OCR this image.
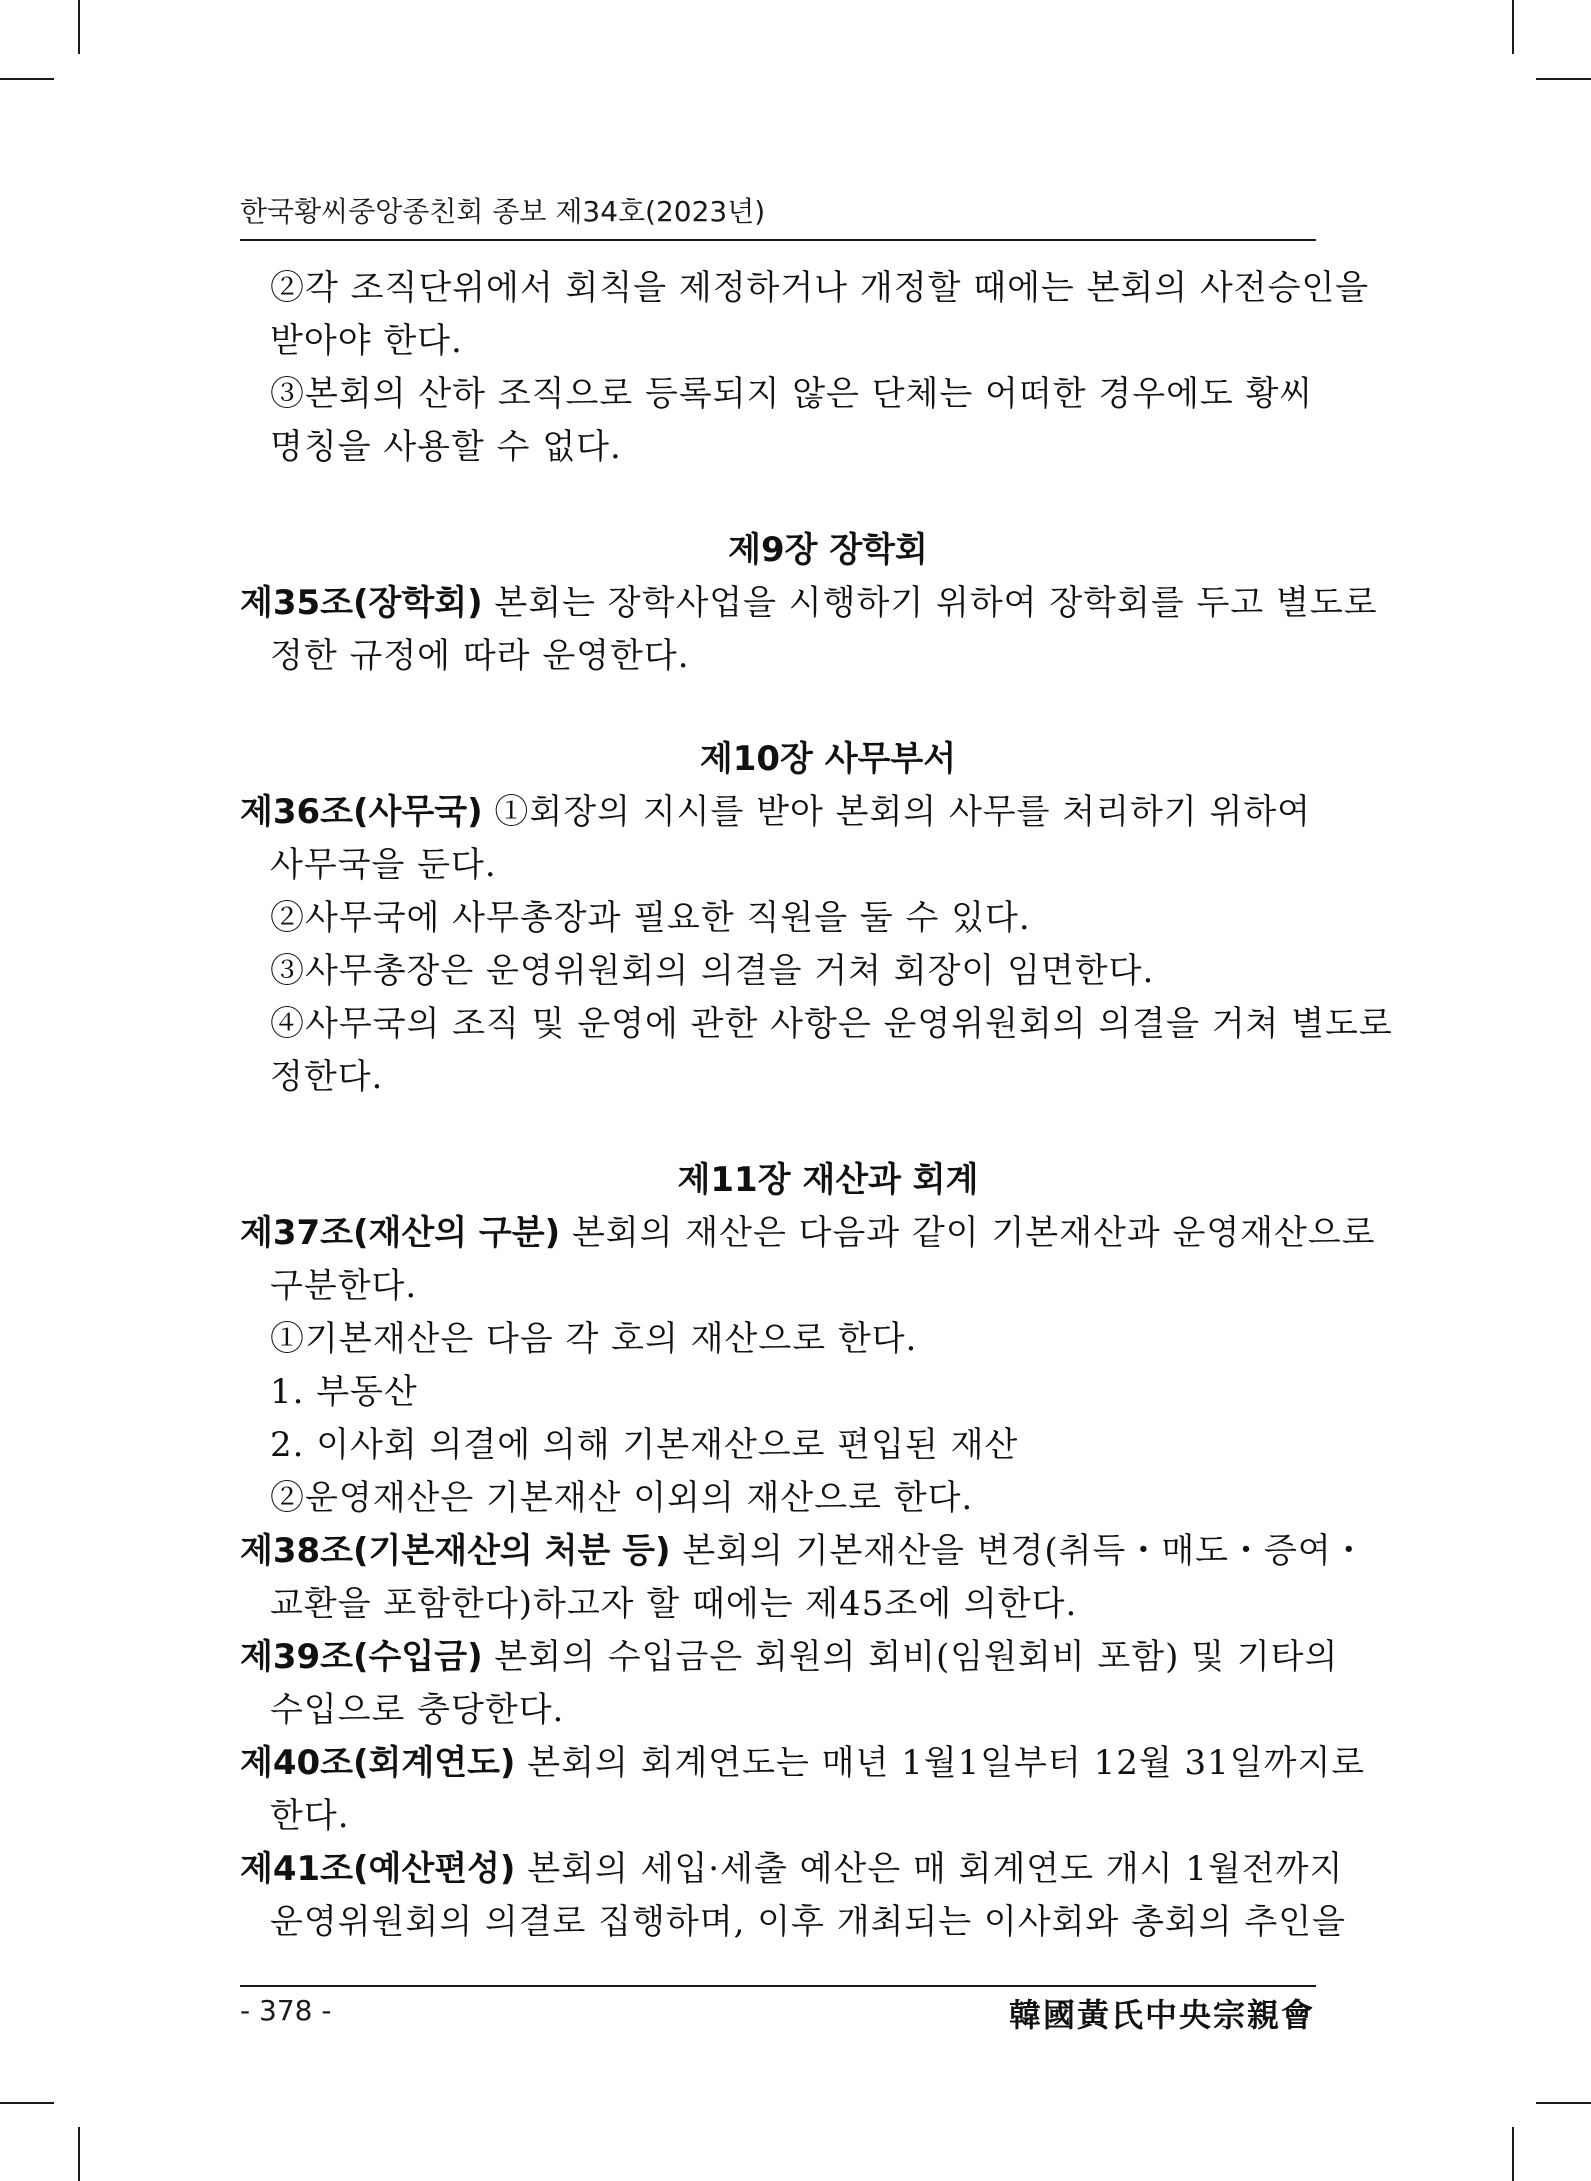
한국황씨중앙종친회 종보 제34호(2023년)
②각 조직단위에서 회칙을 제정하거나 개정할 때에는 본회의 사전승인을
받아야 한다.
③본회의 산하 조직으로 등록되지 않은 단체는 어떠한 경우에도 황씨
명칭을 사용할 수 없다.
제9장 장학회
제35조(장학회) 본회는 장학사업을 시행하기 위하여 장학회를 두고 별도로
정한 규정에 따라 운영한다.
제10장 사무부서
제36조(사무국) ①회장의 지시를 받아 본회의 사무를 처리하기 위하여
사무국을 둔다.
②사무국에 사무총장과 필요한 직원을 둘 수 있다.
③사무총장은 운영위원회의 의결을 거쳐 회장이 임면한다.
④사무국의 조직 및 운영에 관한 사항은 운영위원회의 의결을 거쳐 별도로
정한다.
제11장 재산과 회계
제37조(재산의 구분) 본회의 재산은 다음과 같이 기본재산과 운영재산으로
구분한다.
①기본재산은 다음 각 호의 재산으로 한다.
1. 부동산
2. 이사회 의결에 의해 기본재산으로 편입된 재산
②운영재산은 기본재산 이외의 재산으로 한다.
제38조(기본재산의 처분 등) 본회의 기본재산을 변경(취득・매도・증여・
교환을 포함한다)하고자 할 때에는 제45조에 의한다.
제39조(수입금) 본회의 수입금은 회원의 회비(임원회비 포함) 및 기타의
수입으로 충당한다.
제40조(회계연도) 본회의 회계연도는 매년 1월1일부터 12월 31일까지로
한다.
제41조(예산편성) 본회의 세입·세출 예산은 매 회계연도 개시 1월전까지
운영위원회의 의결로 집행하며, 이후 개최되는 이사회와 총회의 추인을
- 378 -	韓國黃氏中央宗親會
